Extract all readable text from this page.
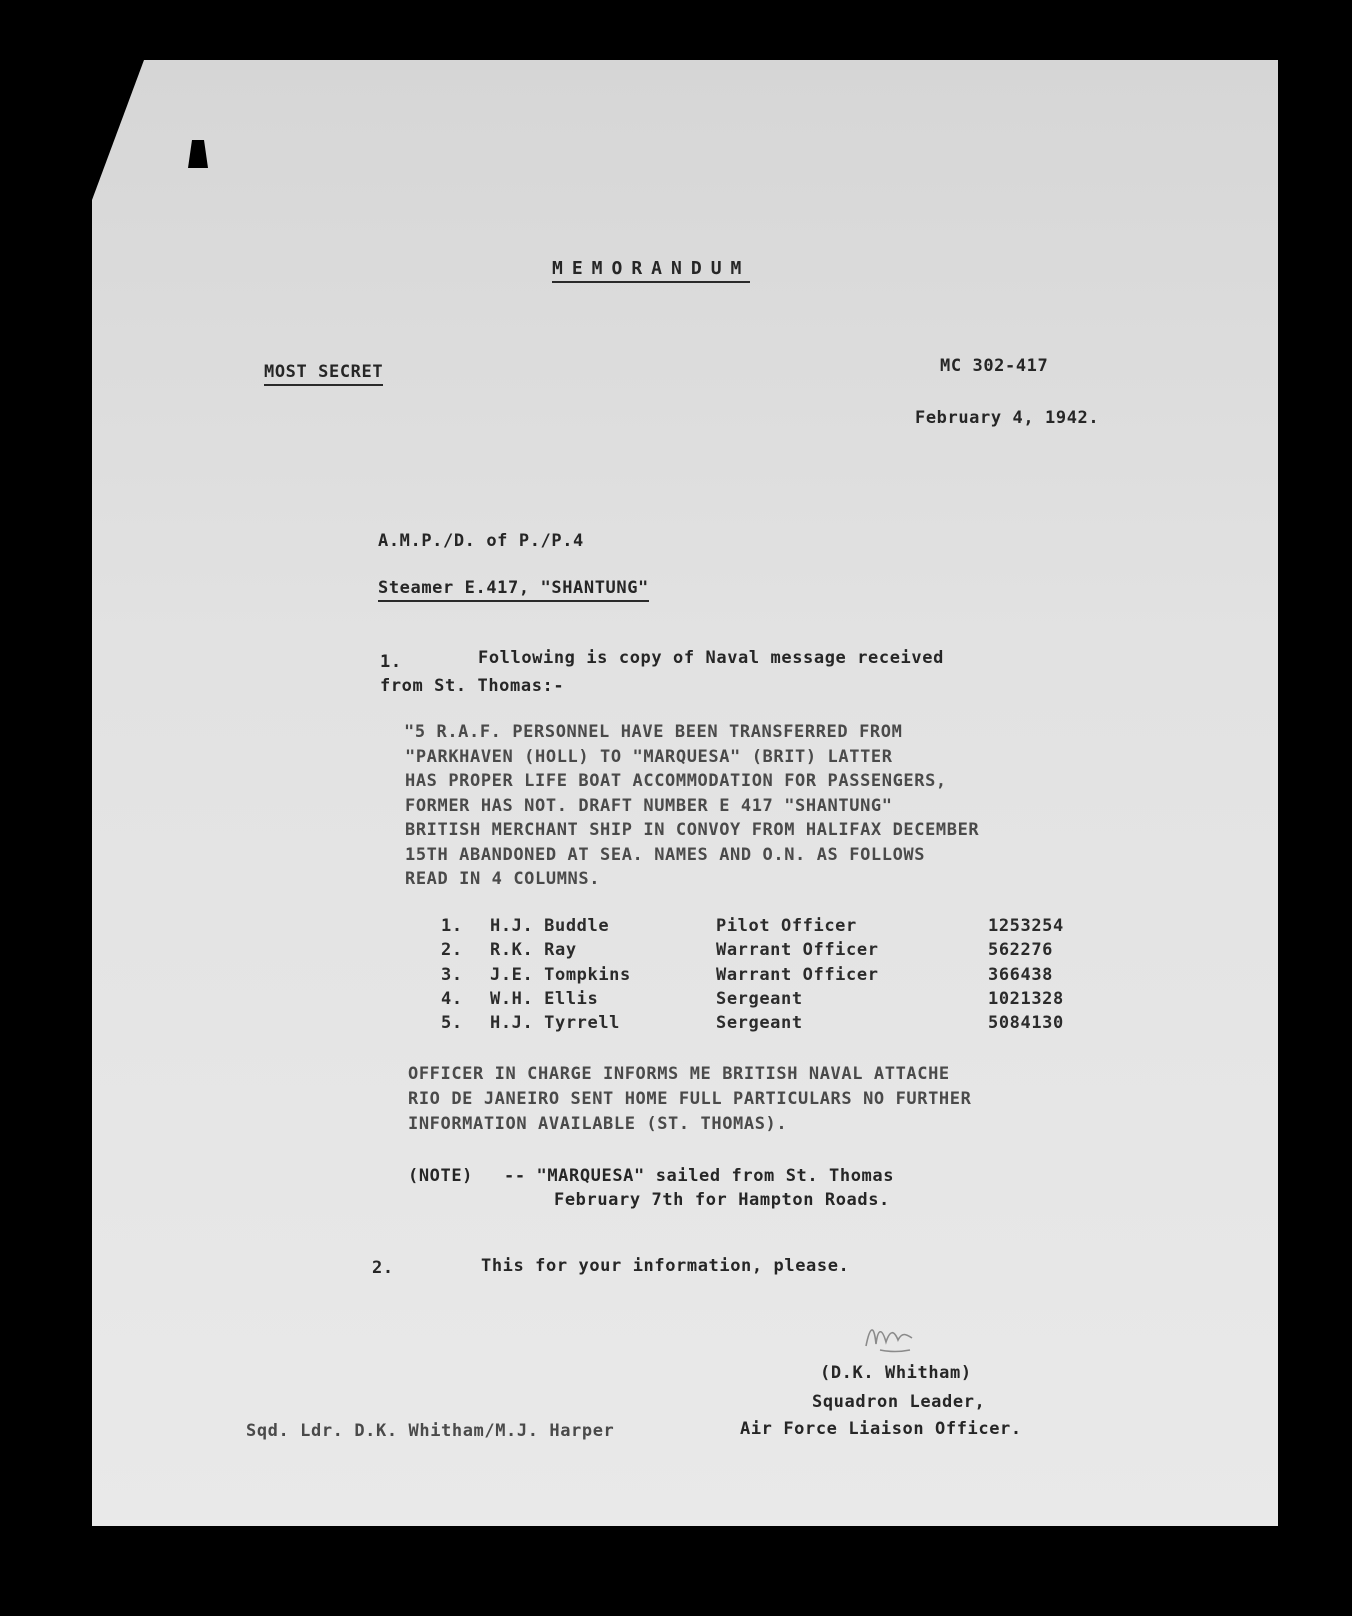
MEMORANDUM
MOST SECRET	MC 302-417
February 4, 1942.
A.M.P./D. of P./P.4
Steamer E.417, "SHANTUNG"
1.	Following is copy of Naval message received
from St. Thomas:-
"5 R.A.F. PERSONNEL HAVE BEEN TRANSFERRED FROM
"PARKHAVEN (HOLL) TO "MARQUESA" (BRIT) LATTER
HAS PROPER LIFE BOAT ACCOMMODATION FOR PASSENGERS,
FORMER HAS NOT. DRAFT NUMBER E 417 "SHANTUNG"
BRITISH MERCHANT SHIP IN CONVOY FROM HALIFAX DECEMBER
15TH ABANDONED AT SEA. NAMES AND O.N. AS FOLLOWS
READ IN 4 COLUMNS.
1. H.J. Buddle	Pilot Officer	1253254
2. R.K. Ray	Warrant Officer	562276
3. J.E. Tompkins	Warrant Officer	366438
4. W.H. Ellis	Sergeant	1021328
5. H.J. Tyrrell	Sergeant	5084130
OFFICER IN CHARGE INFORMS ME BRITISH NAVAL ATTACHE
RIO DE JANEIRO SENT HOME FULL PARTICULARS NO FURTHER
INFORMATION AVAILABLE (ST. THOMAS).
(NOTE) -- "MARQUESA" sailed from St. Thomas
February 7th for Hampton Roads.
2.	This for your information, please.
(D.K. Whitham)
Squadron Leader,
Air Force Liaison Officer.
Sqd. Ldr. D.K. Whitham/M.J. Harper
